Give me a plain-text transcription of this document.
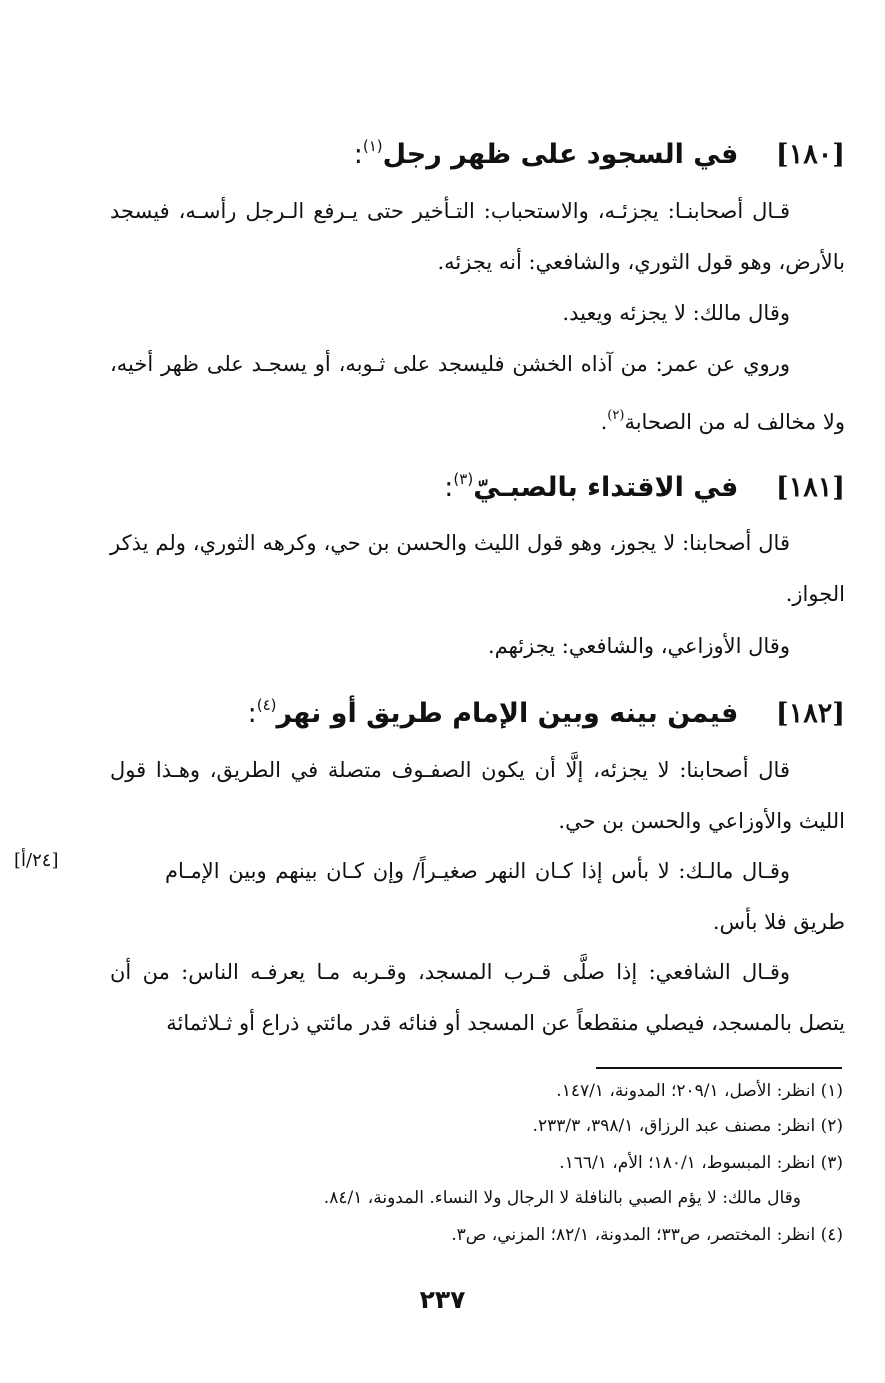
[١٨٠]    في السجود على ظهر رجل$^{(١)}$:
قـال أصحابنـا: يجزئـه، والاستحباب: التـأخير حتى يـرفع الـرجل رأسـه، فيسجد بالأرض، وهو قول الثوري، والشافعي: أنه يجزئه.
وقال مالك: لا يجزئه ويعيد.
وروي عن عمر: من آذاه الخشن فليسجد على ثـوبه، أو يسجـد على ظهر أخيه، ولا مخالف له من الصحابة$^{(٢)}$.
[١٨١]    في الاقتداء بالصبـيّ$^{(٣)}$:
قال أصحابنا: لا يجوز، وهو قول الليث والحسن بن حي، وكرهه الثوري، ولم يذكر الجواز.
وقال الأوزاعي، والشافعي: يجزئهم.
[١٨٢]    فيمن بينه وبين الإمام طريق أو نهر$^{(٤)}$:
قال أصحابنا: لا يجزئه، إلَّا أن يكون الصفـوف متصلة في الطريق، وهـذا قول الليث والأوزاعي والحسن بن حي.
وقـال مالـك: لا بأس إذا كـان النهر صغيـراً/ وإن كـان بينهم وبين الإمـام طريق فلا بأس.
[٢٤/أ]
وقـال الشافعي: إذا صلَّى قـرب المسجد، وقـربه مـا يعرفـه الناس: من أن يتصل بالمسجد، فيصلي منقطعاً عن المسجد أو فنائه قدر مائتي ذراع أو ثـلاثمائة
(١) انظر: الأصل، ٢٠٩/١؛ المدونة، ١٤٧/١.
(٢) انظر: مصنف عبد الرزاق، ٣٩٨/١، ٢٣٣/٣.
(٣) انظر: المبسوط، ١٨٠/١؛ الأم، ١٦٦/١.
وقال مالك: لا يؤم الصبي بالنافلة لا الرجال ولا النساء. المدونة، ٨٤/١.
(٤) انظر: المختصر، ص٣٣؛ المدونة، ٨٢/١؛ المزني، ص٣.
٢٣٧
